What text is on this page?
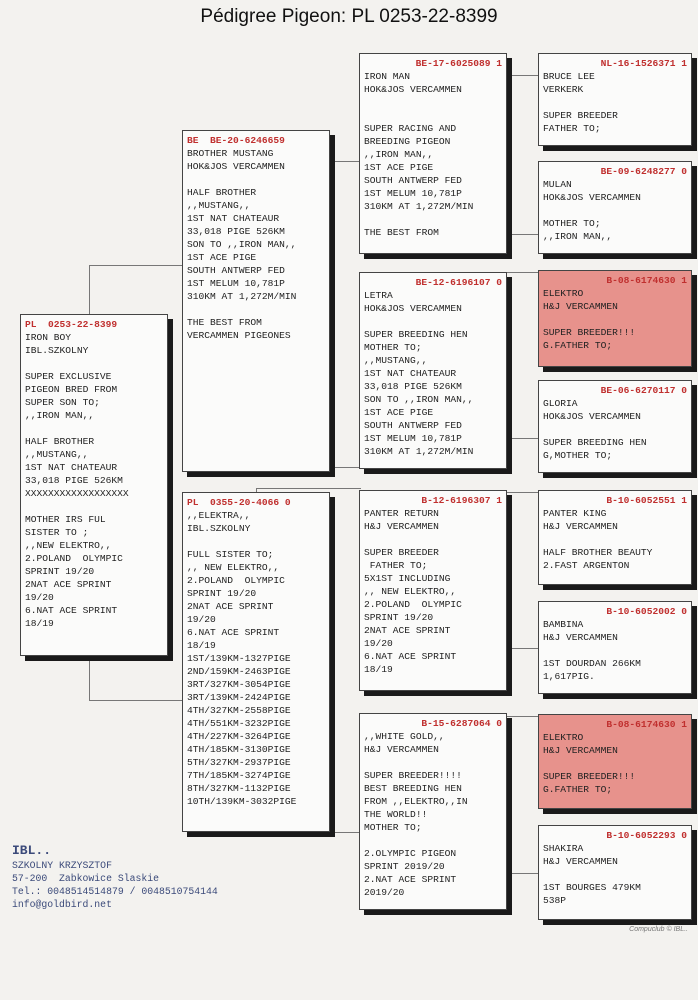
Pédigree Pigeon: PL 0253-22-8399
PL  0253-22-8399
IRON BOY
IBL.SZKOLNY
SUPER EXCLUSIVE
PIGEON BRED FROM
SUPER SON TO;
,,IRON MAN,,
HALF BROTHER
,,MUSTANG,,
1ST NAT CHATEAUR
33,018 PIGE 526KM
XXXXXXXXXXXXXXXXXX
MOTHER IRS FUL
SISTER TO ;
,,NEW ELEKTRO,,
2.POLAND  OLYMPIC
SPRINT 19/20
2NAT ACE SPRINT
19/20
6.NAT ACE SPRINT
18/19
BE  BE-20-6246659
BROTHER MUSTANG
HOK&JOS VERCAMMEN
HALF BROTHER
,,MUSTANG,,
1ST NAT CHATEAUR
33,018 PIGE 526KM
SON TO ,,IRON MAN,,
1ST ACE PIGE
SOUTH ANTWERP FED
1ST MELUM 10,781P
310KM AT 1,272M/MIN
THE BEST FROM
VERCAMMEN PIGEONES
PL  0355-20-4066 0
,,ELEKTRA,,
IBL.SZKOLNY
FULL SISTER TO;
,, NEW ELEKTRO,,
2.POLAND  OLYMPIC
SPRINT 19/20
2NAT ACE SPRINT
19/20
6.NAT ACE SPRINT
18/19
1ST/139KM-1327PIGE
2ND/159KM-2463PIGE
3RT/327KM-3054PIGE
3RT/139KM-2424PIGE
4TH/327KM-2558PIGE
4TH/551KM-3232PIGE
4TH/227KM-3264PIGE
4TH/185KM-3130PIGE
5TH/327KM-2937PIGE
7TH/185KM-3274PIGE
8TH/327KM-1132PIGE
10TH/139KM-3032PIGE
BE-17-6025089 1
IRON MAN
HOK&JOS VERCAMMEN
SUPER RACING AND
BREEDING PIGEON
,,IRON MAN,,
1ST ACE PIGE
SOUTH ANTWERP FED
1ST MELUM 10,781P
310KM AT 1,272M/MIN
THE BEST FROM
BE-12-6196107 0
LETRA
HOK&JOS VERCAMMEN
SUPER BREEDING HEN
MOTHER TO;
,,MUSTANG,,
1ST NAT CHATEAUR
33,018 PIGE 526KM
SON TO ,,IRON MAN,,
1ST ACE PIGE
SOUTH ANTWERP FED
1ST MELUM 10,781P
310KM AT 1,272M/MIN
B-12-6196307 1
PANTER RETURN
H&J VERCAMMEN
SUPER BREEDER
FATHER TO;
5X1ST INCLUDING
,, NEW ELEKTRO,,
2.POLAND  OLYMPIC
SPRINT 19/20
2NAT ACE SPRINT
19/20
6.NAT ACE SPRINT
18/19
B-15-6287064 0
,,WHITE GOLD,,
H&J VERCAMMEN
SUPER BREEDER!!!!
BEST BREEDING HEN
FROM ,,ELEKTRO,,IN
THE WORLD!!
MOTHER TO;
2.OLYMPIC PIGEON
SPRINT 2019/20
2.NAT ACE SPRINT
2019/20
NL-16-1526371 1
BRUCE LEE
VERKERK
SUPER BREEDER
FATHER TO;
BE-09-6248277 0
MULAN
HOK&JOS VERCAMMEN
MOTHER TO;
,,IRON MAN,,
B-08-6174630 1
ELEKTRO
H&J VERCAMMEN
SUPER BREEDER!!!
G.FATHER TO;
BE-06-6270117 0
GLORIA
HOK&JOS VERCAMMEN
SUPER BREEDING HEN
G,MOTHER TO;
B-10-6052551 1
PANTER KING
H&J VERCAMMEN
HALF BROTHER BEAUTY
2.FAST ARGENTON
B-10-6052002 0
BAMBINA
H&J VERCAMMEN
1ST DOURDAN 266KM
1,617PIG.
B-08-6174630 1
ELEKTRO
H&J VERCAMMEN
SUPER BREEDER!!!
G.FATHER TO;
B-10-6052293 0
SHAKIRA
H&J VERCAMMEN
1ST BOURGES 479KM
538P
IBL..
SZKOLNY KRZYSZTOF
57-200  Zabkowice Slaskie
Tel.: 0048514514879 / 0048510754144
info@goldbird.net
Compuclub © IBL..
